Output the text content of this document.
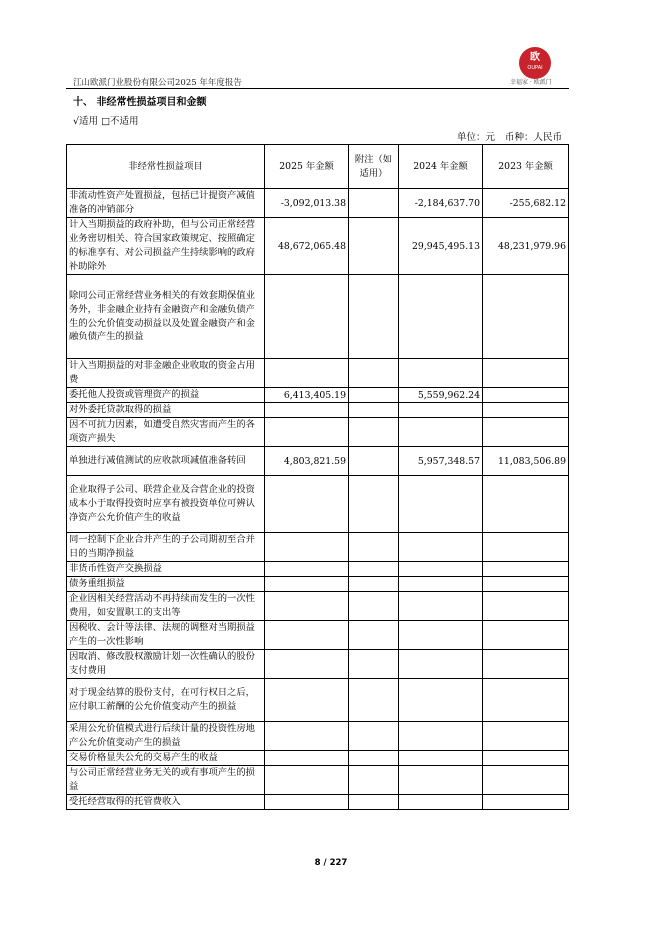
欧
OUPAI
幸福家 · 欧派门
江山欧派门业股份有限公司2025 年年度报告
十、 非经常性损益项目和金额
√适用 □不适用
单位：元 币种：人民币
非经常性损益项目	2025 年金额	附注（如适用）	2024 年金额	2023 年金额
非流动性资产处置损益，包括已计提资产减值准备的冲销部分	-3,092,013.38		-2,184,637.70	-255,682.12
计入当期损益的政府补助，但与公司正常经营业务密切相关、符合国家政策规定、按照确定的标准享有、对公司损益产生持续影响的政府补助除外	48,672,065.48		29,945,495.13	48,231,979.96
除同公司正常经营业务相关的有效套期保值业务外，非金融企业持有金融资产和金融负债产生的公允价值变动损益以及处置金融资产和金融负债产生的损益				
计入当期损益的对非金融企业收取的资金占用费				
委托他人投资或管理资产的损益	6,413,405.19		5,559,962.24	
对外委托贷款取得的损益				
因不可抗力因素，如遭受自然灾害而产生的各项资产损失				
单独进行减值测试的应收款项减值准备转回	4,803,821.59		5,957,348.57	11,083,506.89
企业取得子公司、联营企业及合营企业的投资成本小于取得投资时应享有被投资单位可辨认净资产公允价值产生的收益				
同一控制下企业合并产生的子公司期初至合并日的当期净损益				
非货币性资产交换损益				
债务重组损益				
企业因相关经营活动不再持续而发生的一次性费用，如安置职工的支出等				
因税收、会计等法律、法规的调整对当期损益产生的一次性影响				
因取消、修改股权激励计划一次性确认的股份支付费用				
对于现金结算的股份支付，在可行权日之后，应付职工薪酬的公允价值变动产生的损益				
采用公允价值模式进行后续计量的投资性房地产公允价值变动产生的损益				
交易价格显失公允的交易产生的收益				
与公司正常经营业务无关的或有事项产生的损益				
受托经营取得的托管费收入				
8 / 227
